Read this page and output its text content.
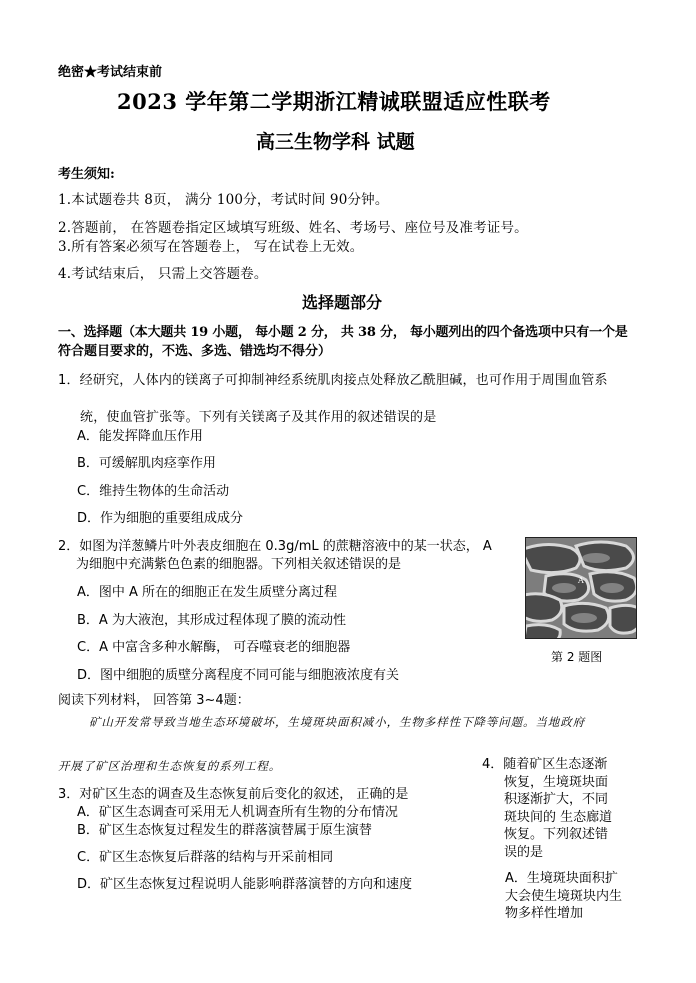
绝密★考试结束前
2023 学年第二学期浙江精诚联盟适应性联考
高三生物学科 试题
考生须知:
1.本试题卷共 8页， 满分 100分，考试时间 90分钟。
2.答题前， 在答题卷指定区域填写班级、姓名、考场号、座位号及准考证号。
3.所有答案必须写在答题卷上， 写在试卷上无效。
4.考试结束后， 只需上交答题卷。
选择题部分
一、选择题（本大题共 19 小题， 每小题 2 分， 共 38 分， 每小题列出的四个备选项中只有一个是
符合题目要求的，不选、多选、错选均不得分）
1．经研究，人体内的镁离子可抑制神经系统肌肉接点处释放乙酰胆碱，也可作用于周围血管系
统，使血管扩张等。下列有关镁离子及其作用的叙述错误的是
A．能发挥降血压作用
B．可缓解肌肉痉挛作用
C．维持生物体的生命活动
D．作为细胞的重要组成成分
2．如图为洋葱鳞片叶外表皮细胞在 0.3g/mL 的蔗糖溶液中的某一状态， A
为细胞中充满紫色色素的细胞器。下列相关叙述错误的是
A．图中 A 所在的细胞正在发生质壁分离过程
B．A 为大液泡，其形成过程体现了膜的流动性
C．A 中富含多种水解酶， 可吞噬衰老的细胞器
D．图中细胞的质壁分离程度不同可能与细胞液浓度有关
A
第 2 题图
阅读下列材料， 回答第 3~4题：
矿山开发常导致当地生态环境破坏，生境斑块面积减小，生物多样性下降等问题。当地政府
开展了矿区治理和生态恢复的系列工程。
3．对矿区生态的调查及生态恢复前后变化的叙述， 正确的是
A．矿区生态调查可采用无人机调查所有生物的分布情况
B．矿区生态恢复过程发生的群落演替属于原生演替
C．矿区生态恢复后群落的结构与开采前相同
D．矿区生态恢复过程说明人能影响群落演替的方向和速度
4．随着矿区生态逐渐
恢复，生境斑块面
积逐渐扩大，不同
斑块间的 生态廊道
恢复。下列叙述错
误的是
A．生境斑块面积扩
大会使生境斑块内生
物多样性增加
